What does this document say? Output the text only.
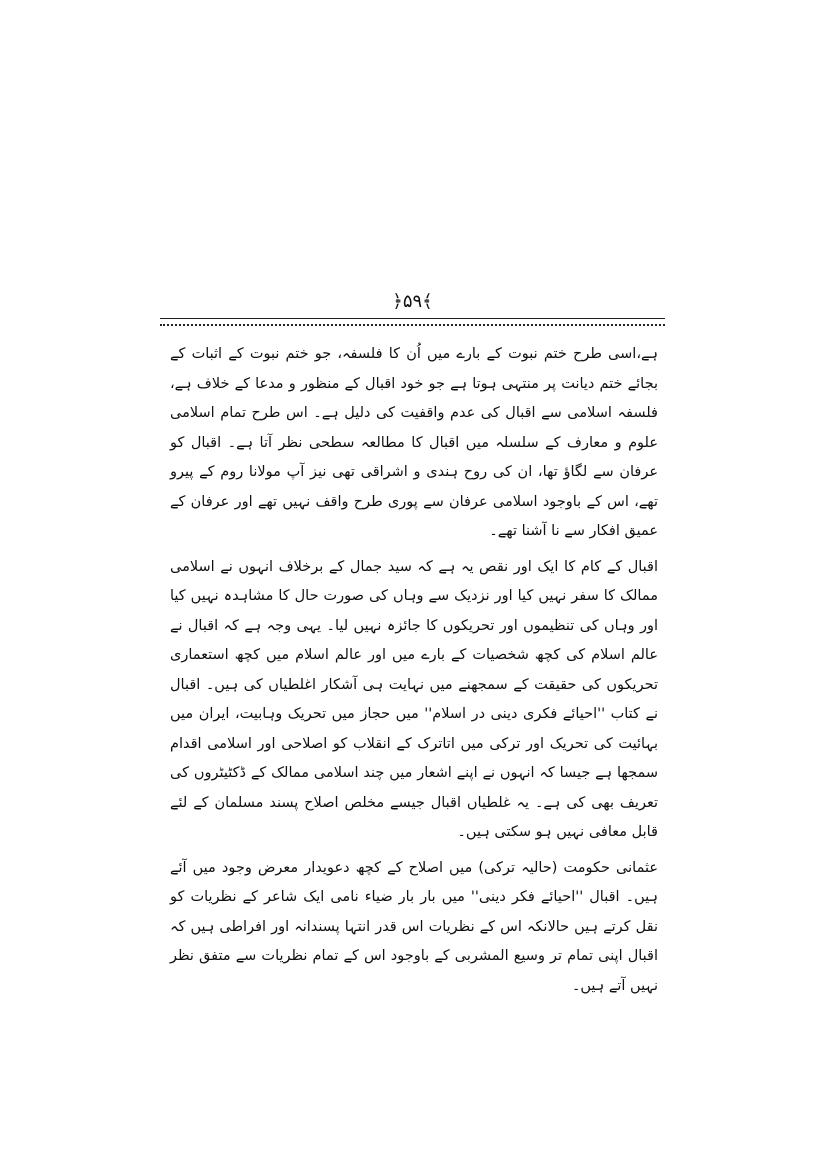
﴿۵۹﴾

ہے،اسی طرح ختم نبوت کے بارے میں اُن کا فلسفہ، جو ختم نبوت کے اثبات کے بجائے ختم دیانت پر منتہی ہوتا ہے جو خود اقبال کے منظور و مدعا کے خلاف ہے، فلسفہ اسلامی سے اقبال کی عدم واقفیت کی دلیل ہے۔ اس طرح تمام اسلامی علوم و معارف کے سلسلہ میں اقبال کا مطالعہ سطحی نظر آتا ہے۔ اقبال کو عرفان سے لگاؤ تھا، ان کی روح ہندی و اشراقی تھی نیز آپ مولانا روم کے پیرو تھے، اس کے باوجود اسلامی عرفان سے پوری طرح واقف نہیں تھے اور عرفان کے عمیق افکار سے نا آشنا تھے۔

اقبال کے کام کا ایک اور نقص یہ ہے کہ سید جمال کے برخلاف انہوں نے اسلامی ممالک کا سفر نہیں کیا اور نزدیک سے وہاں کی صورت حال کا مشاہدہ نہیں کیا اور وہاں کی تنظیموں اور تحریکوں کا جائزہ نہیں لیا۔ یہی وجہ ہے کہ اقبال نے عالم اسلام کی کچھ شخصیات کے بارے میں اور عالم اسلام میں کچھ استعماری تحریکوں کی حقیقت کے سمجھنے میں نہایت ہی آشکار اغلطیاں کی ہیں۔ اقبال نے کتاب ''احیائے فکری دینی در اسلام'' میں حجاز میں تحریک وہابیت، ایران میں بہائیت کی تحریک اور ترکی میں اتاترک کے انقلاب کو اصلاحی اور اسلامی اقدام سمجھا ہے جیسا کہ انہوں نے اپنے اشعار میں چند اسلامی ممالک کے ڈکٹیٹروں کی تعریف بھی کی ہے۔ یہ غلطیاں اقبال جیسے مخلص اصلاح پسند مسلمان کے لئے قابل معافی نہیں ہو سکتی ہیں۔

عثمانی حکومت (حالیہ ترکی) میں اصلاح کے کچھ دعویدار معرض وجود میں آئے ہیں۔ اقبال ''احیائے فکر دینی'' میں بار بار ضیاء نامی ایک شاعر کے نظریات کو نقل کرتے ہیں حالانکہ اس کے نظریات اس قدر انتہا پسندانہ اور افراطی ہیں کہ اقبال اپنی تمام تر وسیع المشربی کے باوجود اس کے تمام نظریات سے متفق نظر نہیں آتے ہیں۔
